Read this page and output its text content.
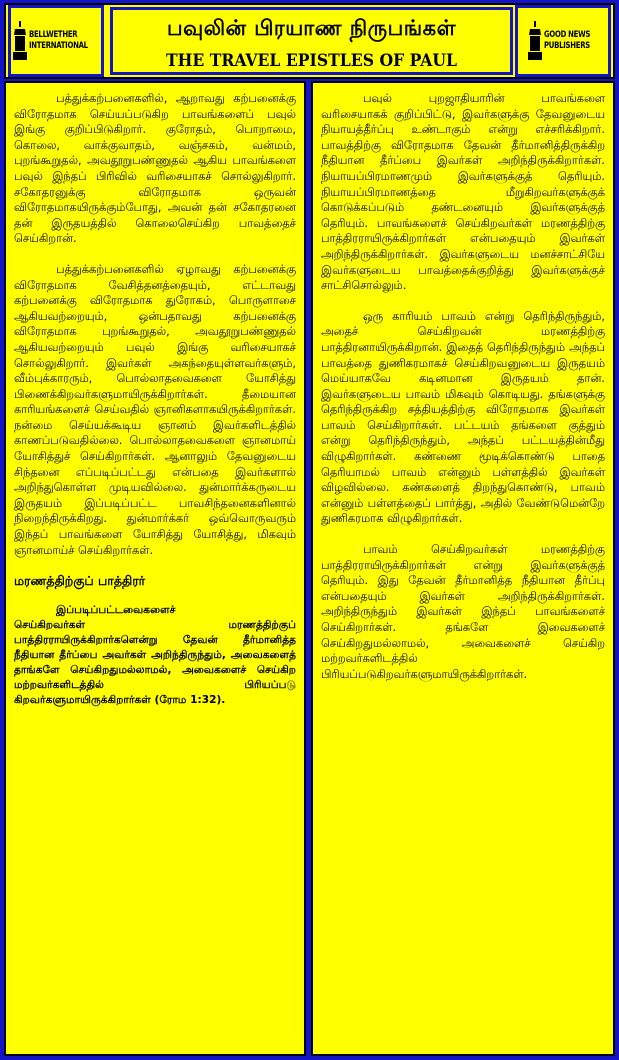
BELLWETHER
INTERNATIONAL
பவுலின் பிரயாண நிருபங்கள்
THE TRAVEL EPISTLES OF PAUL
GOOD NEWS
PUBLISHERS

பத்துக்கற்பனைகளில், ஆறாவது கற்பனைக்கு விரோதமாக செய்யப்படுகிற பாவங்களைப் பவுல் இங்கு குறிப்பிடுகிறார். குரோதம், பொறாமை, கொலை, வாக்குவாதம், வஞ்சகம், வன்மம், புறங்கூறுதல், அவதூறுபண்ணுதல் ஆகிய பாவங்களை பவுல் இந்தப் பிரிவில் வரிசையாகச் சொல்லுகிறார். சகோதரனுக்கு விரோதமாக ஒருவன் விரோதமாகயிருக்கும்போது, அவன் தன் சகோதரனை தன் இருதயத்தில் கொலைசெய்கிற பாவத்தைச் செய்கிறான்.

பத்துக்கற்பனைகளில் ஏழாவது கற்பனைக்கு விரோதமாக வேசித்தனத்தையும், எட்டாவது கற்பனைக்கு விரோதமாக துரோகம், பொருளாசை ஆகியவற்றையும், ஒன்பதாவது கற்பனைக்கு விரோதமாக புறங்கூறுதல், அவதூறுபண்ணுதல் ஆகியவற்றையும் பவுல் இங்கு வரிசையாகச் சொல்லுகிறார். இவர்கள் அகந்தையுள்ளவர்களும், வீம்புக்காரரும், பொல்லாதவைகளை யோசித்து பிணைக்கிறவர்களுமாயிருக்கிறார்கள். தீமையான காரியங்களைச் செய்வதில் ஞானிகளாகயிருக்கிறார்கள். நன்மை செய்யக்கூடிய ஞானம் இவர்களிடத்தில் காணப்படுவதில்லை. பொல்லாதவைகளை ஞானமாய் யோசித்துச் செய்கிறார்கள். ஆனாலும் தேவனுடைய சிந்தனை எப்படிப்பட்டது என்பதை இவர்களால் அறிந்துகொள்ள முடியவில்லை. துன்மார்க்கருடைய இருதயம் இப்படிப்பட்ட பாவசிந்தனைகளினால் நிறைந்திருக்கிறது. துன்மார்க்கர் ஒவ்வொருவரும் இந்தப் பாவங்களை யோசித்து யோசித்து, மிகவும் ஞானமாய்ச் செய்கிறார்கள்.

மரணத்திற்குப் பாத்திரர்

இப்படிப்பட்டவைகளைச்
செய்கிறவர்கள் மரணத்திற்குப் பாத்திரராயிருக்கிறார்களென்று தேவன் தீர்மானித்த நீதியான தீர்ப்பை அவர்கள் அறிந்திருந்தும், அவைகளைத் தாங்களே செய்கிறதுமல்லாமல், அவைகளைச் செய்கிற மற்றவர்களிடத்தில் பிரியப்படு கிறவர்களுமாயிருக்கிறார்கள் (ரோம 1:32).

பவுல் புறஜாதியாரின் பாவங்களை வரிசையாகக் குறிப்பிட்டு, இவர்களுக்கு தேவனுடைய நியாயத்தீர்ப்பு உண்டாகும் என்று எச்சரிக்கிறார். பாவத்திற்கு விரோதமாக தேவன் தீர்மானித்திருக்கிற நீதியான தீர்ப்பை இவர்கள் அறிந்திருக்கிறார்கள். நியாயப்பிரமாணமும் இவர்களுக்குத் தெரியும். நியாயப்பிரமாணத்தை மீறுகிறவர்களுக்குக் கொடுக்கப்படும் தண்டனையும் இவர்களுக்குத் தெரியும். பாவங்களைச் செய்கிறவர்கள் மரணத்திற்கு பாத்திரராயிருக்கிறார்கள் என்பதையும் இவர்கள் அறிந்திருக்கிறார்கள். இவர்களுடைய மனச்சாட்சியே இவர்களுடைய பாவத்தைக்குறித்து இவர்களுக்குச் சாட்சிசொல்லும்.

ஒரு காரியம் பாவம் என்று தெரிந்திருந்தும், அதைச் செய்கிறவன் மரணத்திற்கு பாத்திரனாயிருக்கிறான். இதைத் தெரிந்திருந்தும் அந்தப் பாவத்தை துணிகரமாகச் செய்கிறவனுடைய இருதயம் மெய்யாகவே கடினமான இருதயம் தான். இவர்களுடைய பாவம் மிகவும் கொடியது. தங்களுக்கு தெரிந்திருக்கிற சத்தியத்திற்கு விரோதமாக இவர்கள் பாவம் செய்கிறார்கள். பட்டயம் தங்களை குத்தும் என்று தெரிந்திருந்தும், அந்தப் பட்டயத்தின்மீது விழுகிறார்கள். கண்ணை மூடிக்கொண்டு பாதை தெரியாமல் பாவம் என்னும் பள்ளத்தில் இவர்கள் விழவில்லை. கண்களைத் திறந்துகொண்டு, பாவம் என்னும் பள்ளத்தைப் பார்த்து, அதில் வேண்டுமென்றே துணிகரமாக விழுகிறார்கள்.

பாவம் செய்கிறவர்கள் மரணத்திற்கு பாத்திரராயிருக்கிறார்கள் என்று இவர்களுக்குத் தெரியும். இது தேவன் தீர்மானித்த நீதியான தீர்ப்பு என்பதையும் இவர்கள் அறிந்திருக்கிறார்கள். அறிந்திருந்தும் இவர்கள் இந்தப் பாவங்களைச் செய்கிறார்கள். தங்களே இவைகளைச் செய்கிறதுமல்லாமல், அவைகளைச் செய்கிற மற்றவர்களிடத்தில் பிரியப்படுகிறவர்களுமாயிருக்கிறார்கள்.
